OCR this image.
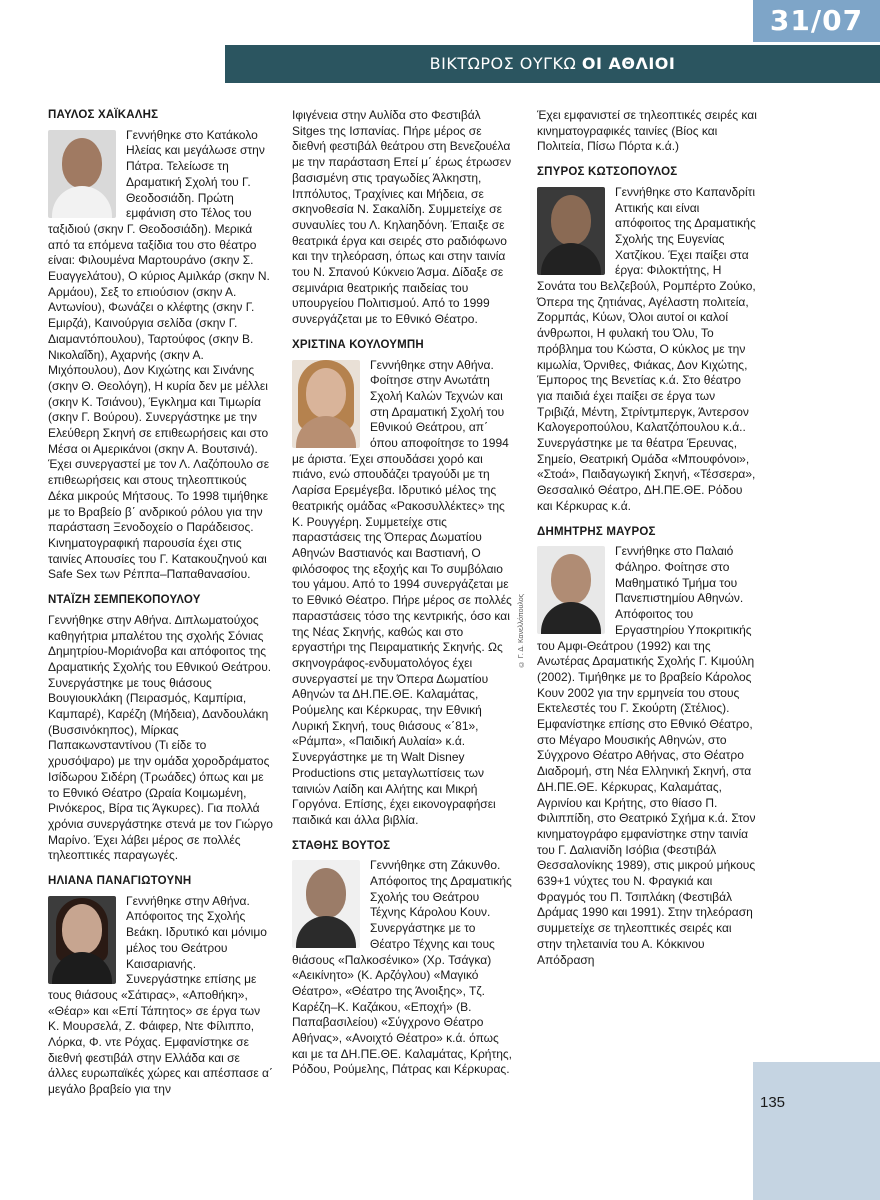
31/07
ΒΙΚΤΩΡΟΣ ΟΥΓΚΩ ΟΙ ΑΘΛΙΟΙ
135
© Γ. Δ. Κανελλόπουλος
ΠΑΥΛΟΣ ΧΑΪΚΑΛΗΣ

Γεννήθηκε στο Κατάκολο Ηλείας και μεγάλωσε στην Πάτρα. Τελείωσε τη Δραματική Σχολή του Γ. Θεοδοσιάδη. Πρώτη εμφάνιση στο Τέλος του ταξιδιού (σκην Γ. Θεοδοσιάδη). Μερικά από τα επόμενα ταξίδια του στο θέατρο είναι: Φιλουμένα Μαρτουράνο (σκην Σ. Ευαγγελάτου), Ο κύριος Αμιλκάρ (σκην Ν. Αρμάου), Σεξ το επιούσιον (σκην Α. Αντωνίου), Φωνάζει ο κλέφτης (σκην Γ. Εμιρζά), Καινούργια σελίδα (σκην Γ. Διαμαντόπουλου), Ταρτούφος (σκην Β. Νικολαΐδη), Αχαρνής (σκην Α. Μιχόπουλου), Δον Κιχώτης και Σινάνης (σκην Θ. Θεολόγη), Η κυρία δεν με μέλλει (σκην Κ. Τσιάνου), Έγκλημα και Τιμωρία (σκην Γ. Βούρου). Συνεργάστηκε με την Ελεύθερη Σκηνή σε επιθεωρήσεις και στο Μέσα οι Αμερικάνοι (σκην Α. Βουτσινά). Έχει συνεργαστεί με τον Λ. Λαζόπουλο σε επιθεωρήσεις και στους τηλεοπτικούς Δέκα μικρούς Μήτσους. Το 1998 τιμήθηκε με το Βραβείο β΄ ανδρικού ρόλου για την παράσταση Ξενοδοχείο ο Παράδεισος. Κινηματογραφική παρουσία έχει στις ταινίες Απουσίες του Γ. Κατακουζηνού και Safe Sex των Ρέππα–Παπαθανασίου.

ΝΤΑΪΖΗ ΣΕΜΠΕΚΟΠΟΥΛΟΥ

Γεννήθηκε στην Αθήνα. Διπλωματούχος καθηγήτρια μπαλέτου της σχολής Σόνιας Δημητρίου-Μοριάνοβα και απόφοιτος της Δραματικής Σχολής του Εθνικού Θεάτρου. Συνεργάστηκε με τους θιάσους Βουγιουκλάκη (Πειρασμός, Καμπίρια, Καμπαρέ), Καρέζη (Μήδεια), Δανδουλάκη (Βυσσινόκηπος), Μίρκας Παπακωνσταντίνου (Τι είδε το χρυσόψαρο) με την ομάδα χορoδράματος Ισίδωρου Σιδέρη (Τρωάδες) όπως και με το Εθνικό Θέατρο (Ωραία Κοιμωμένη, Ρινόκερος, Βίρα τις Άγκυρες). Για πολλά χρόνια συνεργάστηκε στενά με τον Γιώργο Μαρίνο. Έχει λάβει μέρος σε πολλές τηλεοπτικές παραγωγές.

ΗΛΙΑΝΑ ΠΑΝΑΓΙΩΤΟΥΝΗ

Γεννήθηκε στην Αθήνα. Απόφοιτος της Σχολής Βεάκη. Ιδρυτικό και μόνιμο μέλος του Θεάτρου Καισαριανής. Συνεργάστηκε επίσης με τους θιάσους «Σάτιρας», «Αποθήκη», «Θέαρ» και «Επί Τάπητος» σε έργα των Κ. Μουρσελά, Ζ. Φάιφερ, Ντε Φίλιππο, Λόρκα, Φ. ντε Ρόχας. Εμφανίστηκε σε διεθνή φεστιβάλ στην Ελλάδα και σε άλλες ευρωπαϊκές χώρες και απέσπασε α΄ μεγάλο βραβείο για την

Ιφιγένεια στην Αυλίδα στο Φεστιβάλ Sitges της Ισπανίας. Πήρε μέρος σε διεθνή φεστιβάλ θεάτρου στη Βενεζουέλα με την παράσταση Επεί μ΄ έρως έτρωσεν βασισμένη στις τραγωδίες Άλκηστη, Ιππόλυτος, Τραχίνιες και Μήδεια, σε σκηνοθεσία Ν. Σακαλίδη. Συμμετείχε σε συναυλίες του Λ. Κηλαηδόνη. Έπαιξε σε θεατρικά έργα και σειρές στο ραδιόφωνο και την τηλεόραση, όπως και στην ταινία του Ν. Σπανού Κύκνειο Άσμα. Δίδαξε σε σεμινάρια θεατρικής παιδείας του υπουργείου Πολιτισμού. Από το 1999 συνεργάζεται με το Εθνικό Θέατρο.

ΧΡΙΣΤΙΝΑ ΚΟΥΛΟΥΜΠΗ

Γεννήθηκε στην Αθήνα. Φοίτησε στην Ανωτάτη Σχολή Καλών Τεχνών και στη Δραματική Σχολή του Εθνικού Θεάτρου, απ΄ όπου αποφοίτησε το 1994 με άριστα. Έχει σπουδάσει χορό και πιάνο, ενώ σπουδάζει τραγούδι με τη Λαρίσα Ερεμέγεβα. Ιδρυτικό μέλος της θεατρικής ομάδας «Ρακοσυλλέκτες» της Κ. Ρουγγέρη. Συμμετείχε στις παραστάσεις της Όπερας Δωματίου Αθηνών Βαστιανός και Βαστιανή, Ο φιλόσοφος της εξοχής και Το συμβόλαιο του γάμου. Από το 1994 συνεργάζεται με το Εθνικό Θέατρο. Πήρε μέρος σε πολλές παραστάσεις τόσο της κεντρικής, όσο και της Νέας Σκηνής, καθώς και στο εργαστήρι της Πειραματικής Σκηνής. Ως σκηνογράφος-ενδυματολόγος έχει συνεργαστεί με την Όπερα Δωματίου Αθηνών τα ΔΗ.ΠΕ.ΘΕ. Καλαμάτας, Ρούμελης και Κέρκυρας, την Εθνική Λυρική Σκηνή, τους θιάσους «΄81», «Ράμπα», «Παιδική Αυλαία» κ.ά. Συνεργάστηκε με τη Walt Disney Productions στις μεταγλωττίσεις των ταινιών Λαίδη και Αλήτης και Μικρή Γοργόνα. Επίσης, έχει εικονογραφήσει παιδικά και άλλα βιβλία.

ΣΤΑΘΗΣ ΒΟΥΤΟΣ

Γεννήθηκε στη Ζάκυνθο. Απόφοιτος της Δραματικής Σχολής του Θεάτρου Τέχνης Κάρολου Κουν. Συνεργάστηκε με το Θέατρο Τέχνης και τους θιάσους «Παλκοσένικο» (Χρ. Τσάγκα) «Αεικίνητο» (Κ. Αρζόγλου) «Μαγικό Θέατρο», «Θέατρο της Άνοιξης», Τζ. Καρέζη–Κ. Καζάκου, «Εποχή» (Β. Παπαβασιλείου) «Σύγχρονο Θέατρο Αθήνας», «Ανοιχτό Θέατρο» κ.ά. όπως και με τα ΔΗ.ΠΕ.ΘΕ. Καλαμάτας, Κρήτης, Ρόδου, Ρούμελης, Πάτρας και Κέρκυρας.

Έχει εμφανιστεί σε τηλεοπτικές σειρές και κινηματογραφικές ταινίες (Βίος και Πολιτεία, Πίσω Πόρτα κ.ά.)

ΣΠΥΡΟΣ ΚΩΤΣΟΠΟΥΛΟΣ

Γεννήθηκε στο Καπανδρίτι Αττικής και είναι απόφοιτος της Δραματικής Σχολής της Ευγενίας Χατζίκου. Έχει παίξει στα έργα: Φιλοκτήτης, Η Σονάτα του Βελζεβούλ, Ρομπέρτο Ζούκο, Όπερα της ζητιάνας, Αγέλαστη πολιτεία, Ζορμπάς, Κύων, Όλοι αυτοί οι καλοί άνθρωποι, Η φυλακή του Όλυ, Το πρόβλημα του Κώστα, Ο κύκλος με την κιμωλία, Όρνιθες, Φιάκας, Δον Κιχώτης, Έμπορος της Βενετίας κ.ά. Στο θέατρο για παιδιά έχει παίξει σε έργα των Τριβιζά, Μέντη, Στρίντμπεργκ, Άντερσον Καλογεροπούλου, Καλατζόπουλου κ.ά.. Συνεργάστηκε με τα θέατρα Έρευνας, Σημείο, Θεατρική Ομάδα «Μπουφόνοι», «Στοά», Παιδαγωγική Σκηνή, «Τέσσερα», Θεσσαλικό Θέατρο, ΔΗ.ΠΕ.ΘΕ. Ρόδου και Κέρκυρας κ.ά.

ΔΗΜΗΤΡΗΣ ΜΑΥΡΟΣ

Γεννήθηκε στο Παλαιό Φάληρο. Φοίτησε στο Μαθηματικό Τμήμα του Πανεπιστημίου Αθηνών. Απόφοιτος του Εργαστηρίου Υποκριτικής του Αμφι-Θεάτρου (1992) και της Ανωτέρας Δραματικής Σχολής Γ. Κιμούλη (2002). Τιμήθηκε με το βραβείο Κάρολος Κουν 2002 για την ερμηνεία του στους Εκτελεστές του Γ. Σκούρτη (Στέλιος). Εμφανίστηκε επίσης στο Εθνικό Θέατρο, στο Μέγαρο Μουσικής Αθηνών, στο Σύγχρονο Θέατρο Αθήνας, στο Θέατρο Διαδρομή, στη Νέα Ελληνική Σκηνή, στα ΔΗ.ΠΕ.ΘΕ. Κέρκυρας, Καλαμάτας, Αγρινίου και Κρήτης, στο θίασο Π. Φιλιππίδη, στο Θεατρικό Σχήμα κ.ά. Στον κινηματογράφο εμφανίστηκε στην ταινία του Γ. Δαλιανίδη Ισόβια (Φεστιβάλ Θεσσαλονίκης 1989), στις μικρού μήκους 639+1 νύχτες του Ν. Φραγκιά και Φραγμός του Π. Τσιπλάκη (Φεστιβάλ Δράμας 1990 και 1991). Στην τηλεόραση συμμετείχε σε τηλεοπτικές σειρές και στην τηλεταινία του Α. Κόκκινου Απόδραση
